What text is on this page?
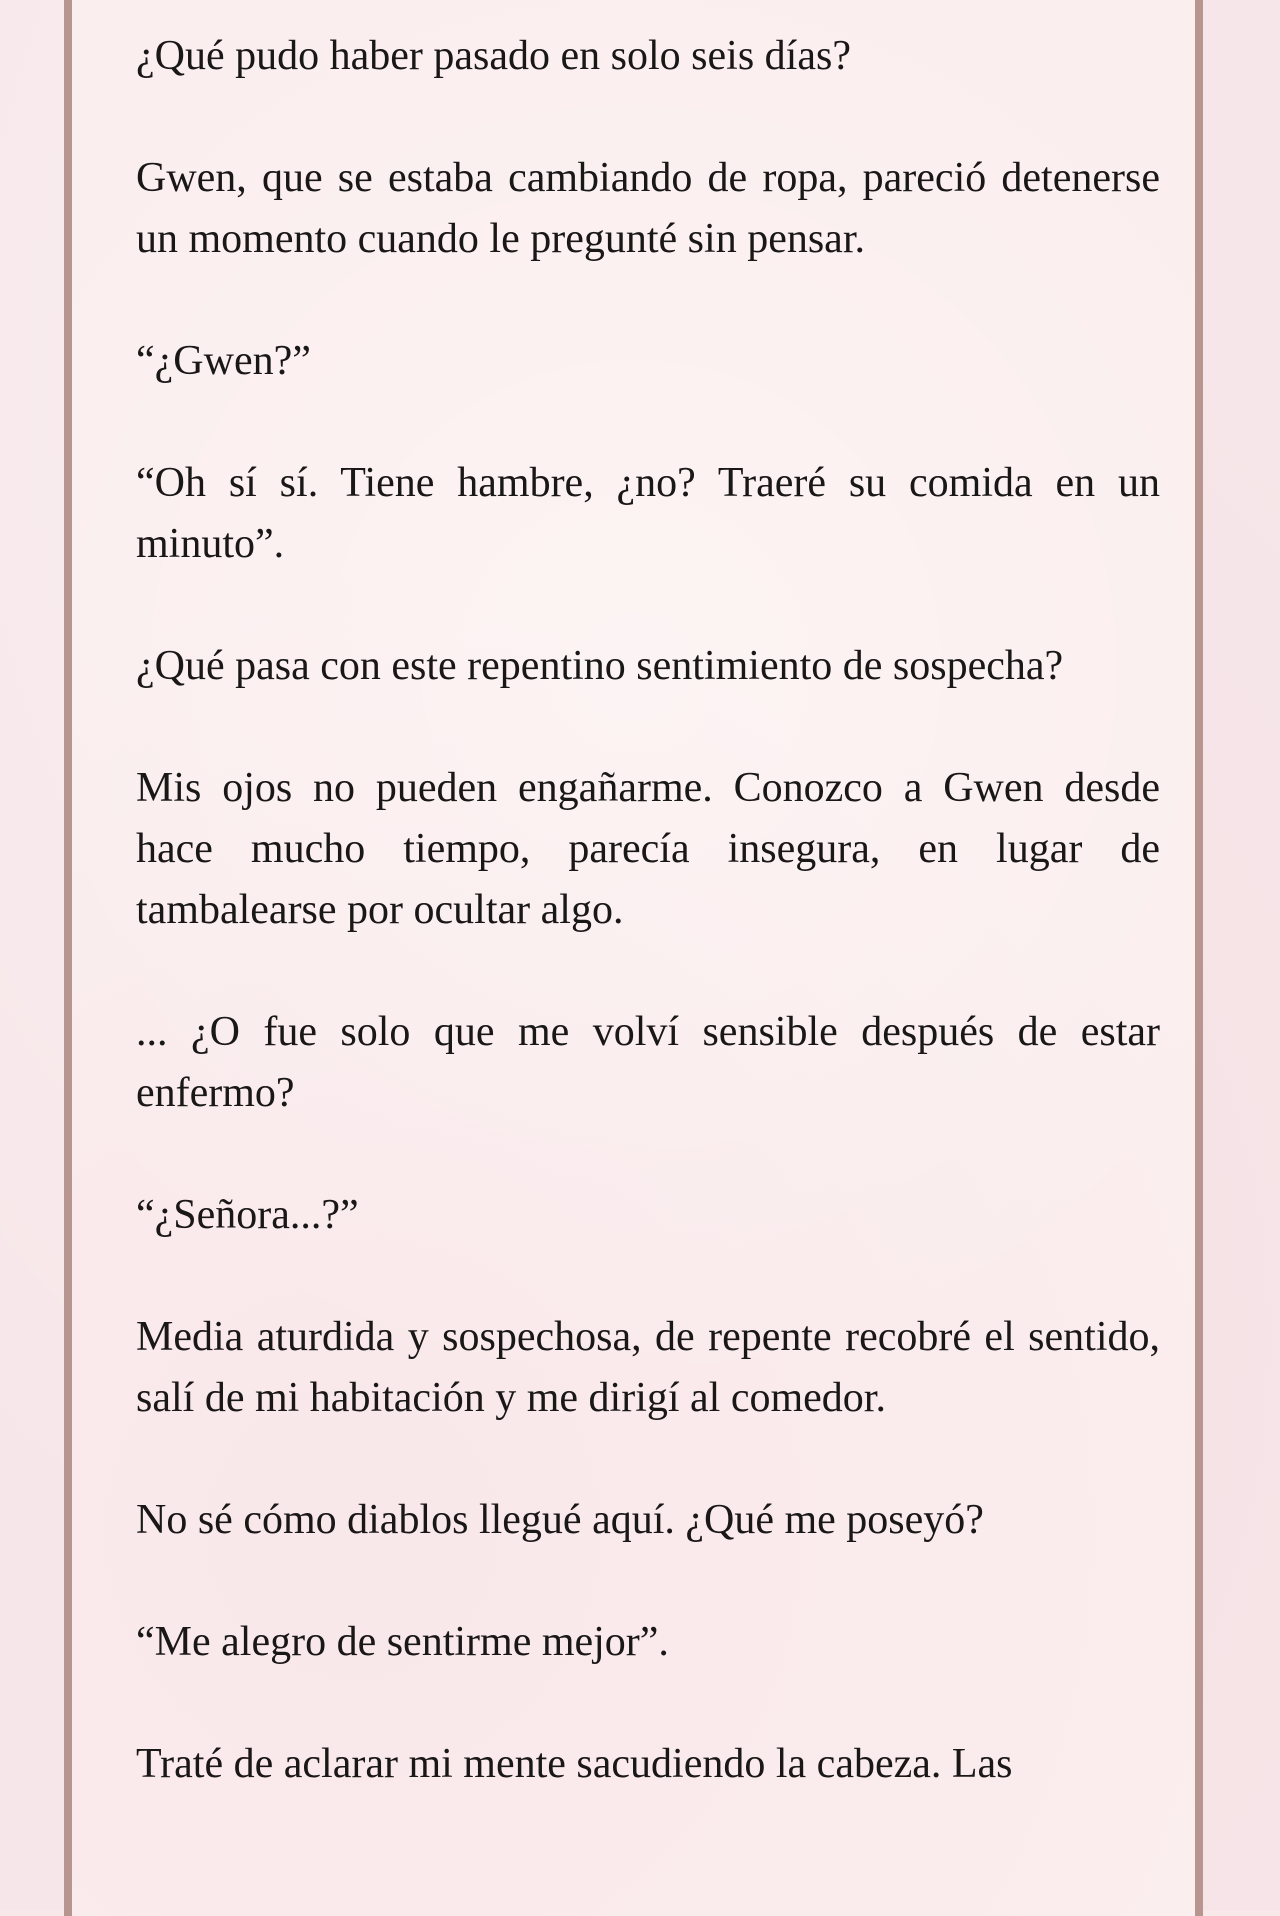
¿Qué pudo haber pasado en solo seis días?

Gwen, que se estaba cambiando de ropa, pareció detenerse un momento cuando le pregunté sin pensar.

“¿Gwen?”

“Oh sí sí. Tiene hambre, ¿no? Traeré su comida en un minuto”.

¿Qué pasa con este repentino sentimiento de sospecha?

Mis ojos no pueden engañarme. Conozco a Gwen desde hace mucho tiempo, parecía insegura, en lugar de tambalearse por ocultar algo.

... ¿O fue solo que me volví sensible después de estar enfermo?

“¿Señora...?”

Media aturdida y sospechosa, de repente recobré el sentido, salí de mi habitación y me dirigí al comedor.

No sé cómo diablos llegué aquí. ¿Qué me poseyó?

“Me alegro de sentirme mejor”.

Traté de aclarar mi mente sacudiendo la cabeza. Las
